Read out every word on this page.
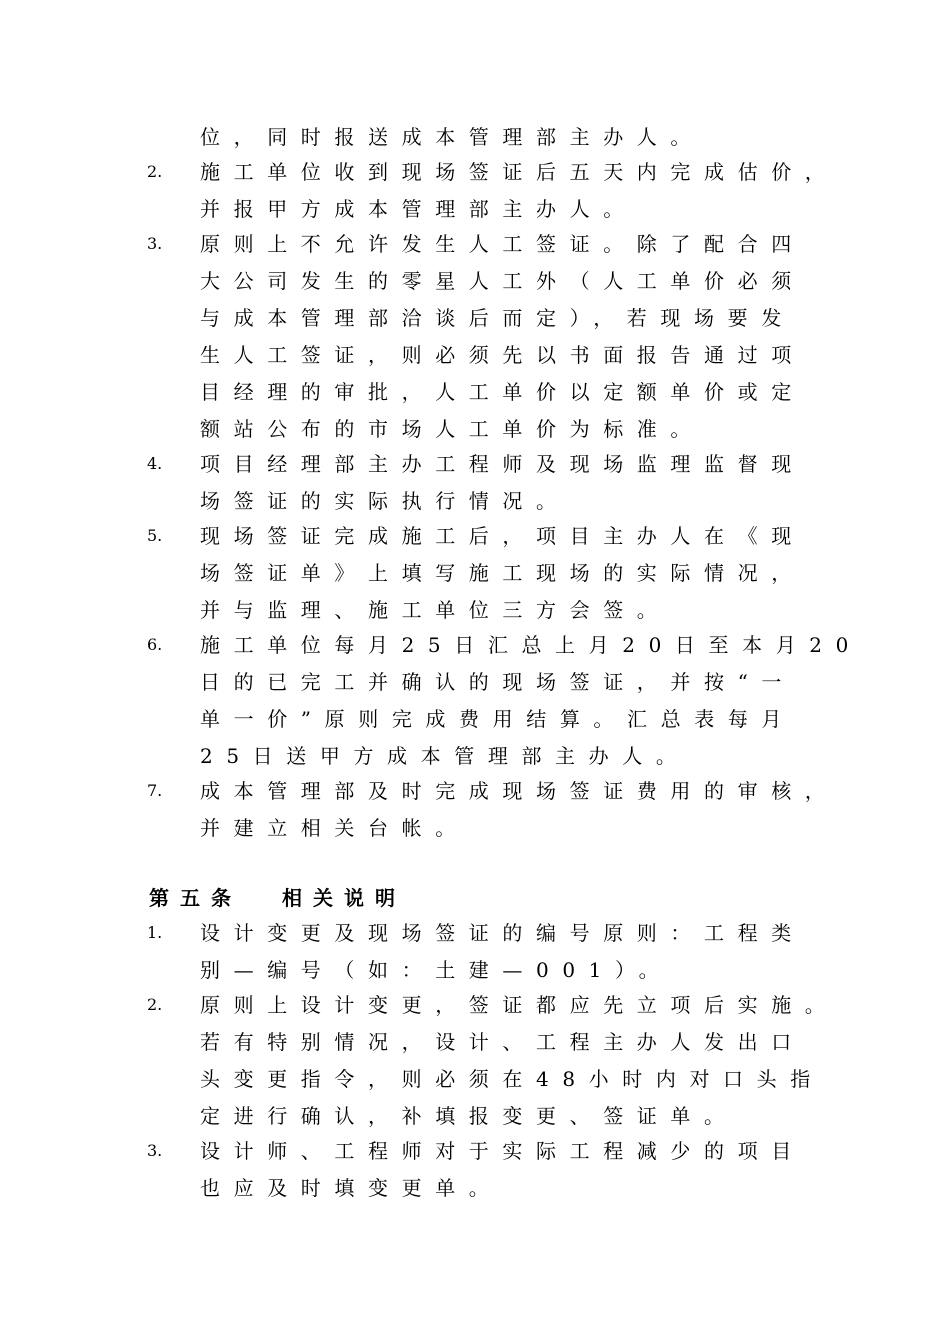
位，同时报送成本管理部主办人。
2. 施工单位收到现场签证后五天内完成估价，
并报甲方成本管理部主办人。
3. 原则上不允许发生人工签证。除了配合四
大公司发生的零星人工外（人工单价必须
与成本管理部洽谈后而定），若现场要发
生人工签证，则必须先以书面报告通过项
目经理的审批，人工单价以定额单价或定
额站公布的市场人工单价为标准。
4. 项目经理部主办工程师及现场监理监督现
场签证的实际执行情况。
5. 现场签证完成施工后，项目主办人在《现
场签证单》上填写施工现场的实际情况，
并与监理、施工单位三方会签。
6. 施工单位每月25日汇总上月20日至本月20
日的已完工并确认的现场签证，并按“一
单一价”原则完成费用结算。汇总表每月
25日送甲方成本管理部主办人。
7. 成本管理部及时完成现场签证费用的审核，
并建立相关台帐。
第五条 相关说明
1. 设计变更及现场签证的编号原则：工程类
别—编号（如：土建—001）。
2. 原则上设计变更，签证都应先立项后实施。
若有特别情况，设计、工程主办人发出口
头变更指令，则必须在48小时内对口头指
定进行确认，补填报变更、签证单。
3. 设计师、工程师对于实际工程减少的项目
也应及时填变更单。
